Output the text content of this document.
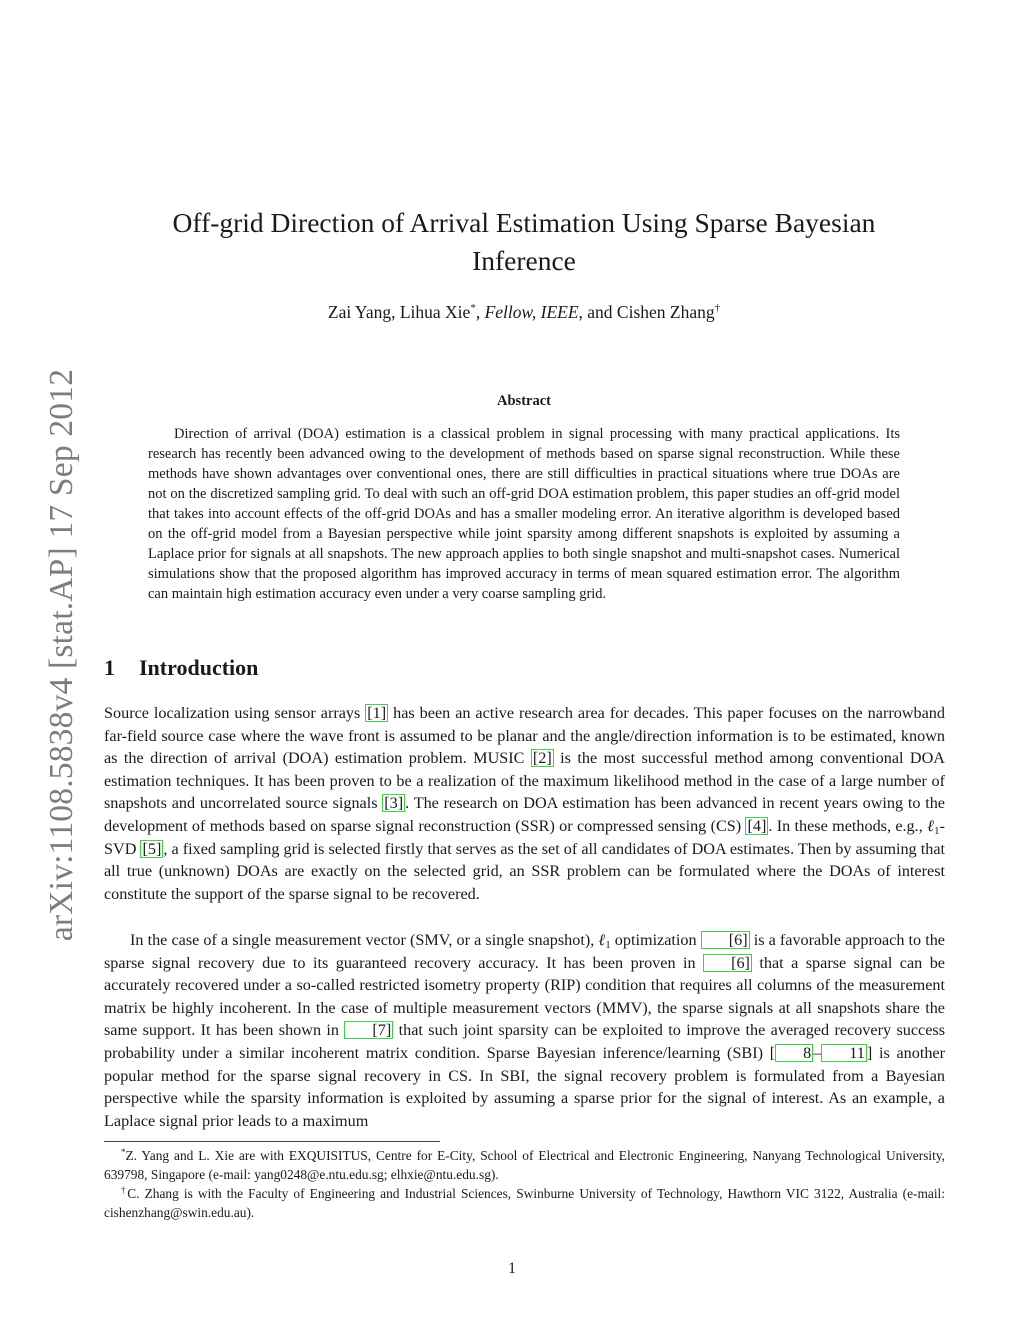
arXiv:1108.5838v4 [stat.AP] 17 Sep 2012
Off-grid Direction of Arrival Estimation Using Sparse Bayesian
Inference
Zai Yang, Lihua Xie*, Fellow, IEEE, and Cishen Zhang†
Abstract

Direction of arrival (DOA) estimation is a classical problem in signal processing with many practical applications. Its research has recently been advanced owing to the development of methods based on sparse signal reconstruction. While these methods have shown advantages over conventional ones, there are still difficulties in practical situations where true DOAs are not on the discretized sampling grid. To deal with such an off-grid DOA estimation problem, this paper studies an off-grid model that takes into account effects of the off-grid DOAs and has a smaller modeling error. An iterative algorithm is developed based on the off-grid model from a Bayesian perspective while joint sparsity among different snapshots is exploited by assuming a Laplace prior for signals at all snapshots. The new approach applies to both single snapshot and multi-snapshot cases. Numerical simulations show that the proposed algorithm has improved accuracy in terms of mean squared estimation error. The algorithm can maintain high estimation accuracy even under a very coarse sampling grid.

1 Introduction

Source localization using sensor arrays [1] has been an active research area for decades. This paper focuses on the narrowband far-field source case where the wave front is assumed to be planar and the angle/direction information is to be estimated, known as the direction of arrival (DOA) estimation problem. MUSIC [2] is the most successful method among conventional DOA estimation techniques. It has been proven to be a realization of the maximum likelihood method in the case of a large number of snapshots and uncorrelated source signals [3] . The research on DOA estimation has been advanced in recent years owing to the development of methods based on sparse signal reconstruction (SSR) or compressed sensing (CS) [4] . In these methods, e.g., ℓ$_1$-SVD [5] , a fixed sampling grid is selected firstly that serves as the set of all candidates of DOA estimates. Then by assuming that all true (unknown) DOAs are exactly on the selected grid, an SSR problem can be formulated where the DOAs of interest constitute the support of the sparse signal to be recovered.

In the case of a single measurement vector (SMV, or a single snapshot), ℓ$_1$ optimization [6] is a favorable approach to the sparse signal recovery due to its guaranteed recovery accuracy. It has been proven in [6] that a sparse signal can be accurately recovered under a so-called restricted isometry property (RIP) condition that requires all columns of the measurement matrix be highly incoherent. In the case of multiple measurement vectors (MMV), the sparse signals at all snapshots share the same support. It has been shown in [7] that such joint sparsity can be exploited to improve the averaged recovery success probability under a similar incoherent matrix condition. Sparse Bayesian inference/learning (SBI) [ 8 – 11 ] is another popular method for the sparse signal recovery in CS. In SBI, the signal recovery problem is formulated from a Bayesian perspective while the sparsity information is exploited by assuming a sparse prior for the signal of interest. As an example, a Laplace signal prior leads to a maximum

*Z. Yang and L. Xie are with EXQUISITUS, Centre for E-City, School of Electrical and Electronic Engineering, Nanyang Technological University, 639798, Singapore (e-mail: yang0248@e.ntu.edu.sg; elhxie@ntu.edu.sg).

†C. Zhang is with the Faculty of Engineering and Industrial Sciences, Swinburne University of Technology, Hawthorn VIC 3122, Australia (e-mail: cishenzhang@swin.edu.au).

1
